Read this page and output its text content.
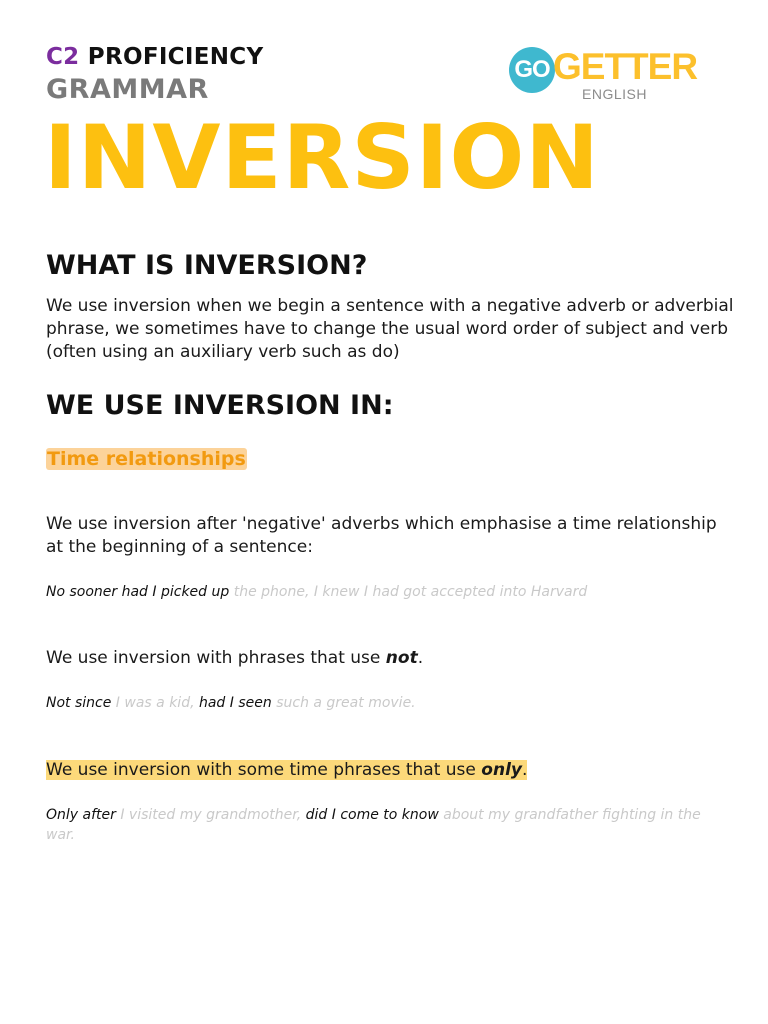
C2 PROFICIENCY
GRAMMAR
GO GETTER
ENGLISH
INVERSION
WHAT IS INVERSION?
We use inversion when we begin a sentence with a negative adverb or adverbial phrase, we sometimes have to change the usual word order of subject and verb (often using an auxiliary verb such as do)
WE USE INVERSION IN:
Time relationships
We use inversion after 'negative' adverbs which emphasise a time relationship at the beginning of a sentence:
No sooner had I picked up the phone, I knew I had got accepted into Harvard
We use inversion with phrases that use not.
Not since I was a kid, had I seen such a great movie.
We use inversion with some time phrases that use only.
Only after I visited my grandmother, did I come to know about my grandfather fighting in the war.
